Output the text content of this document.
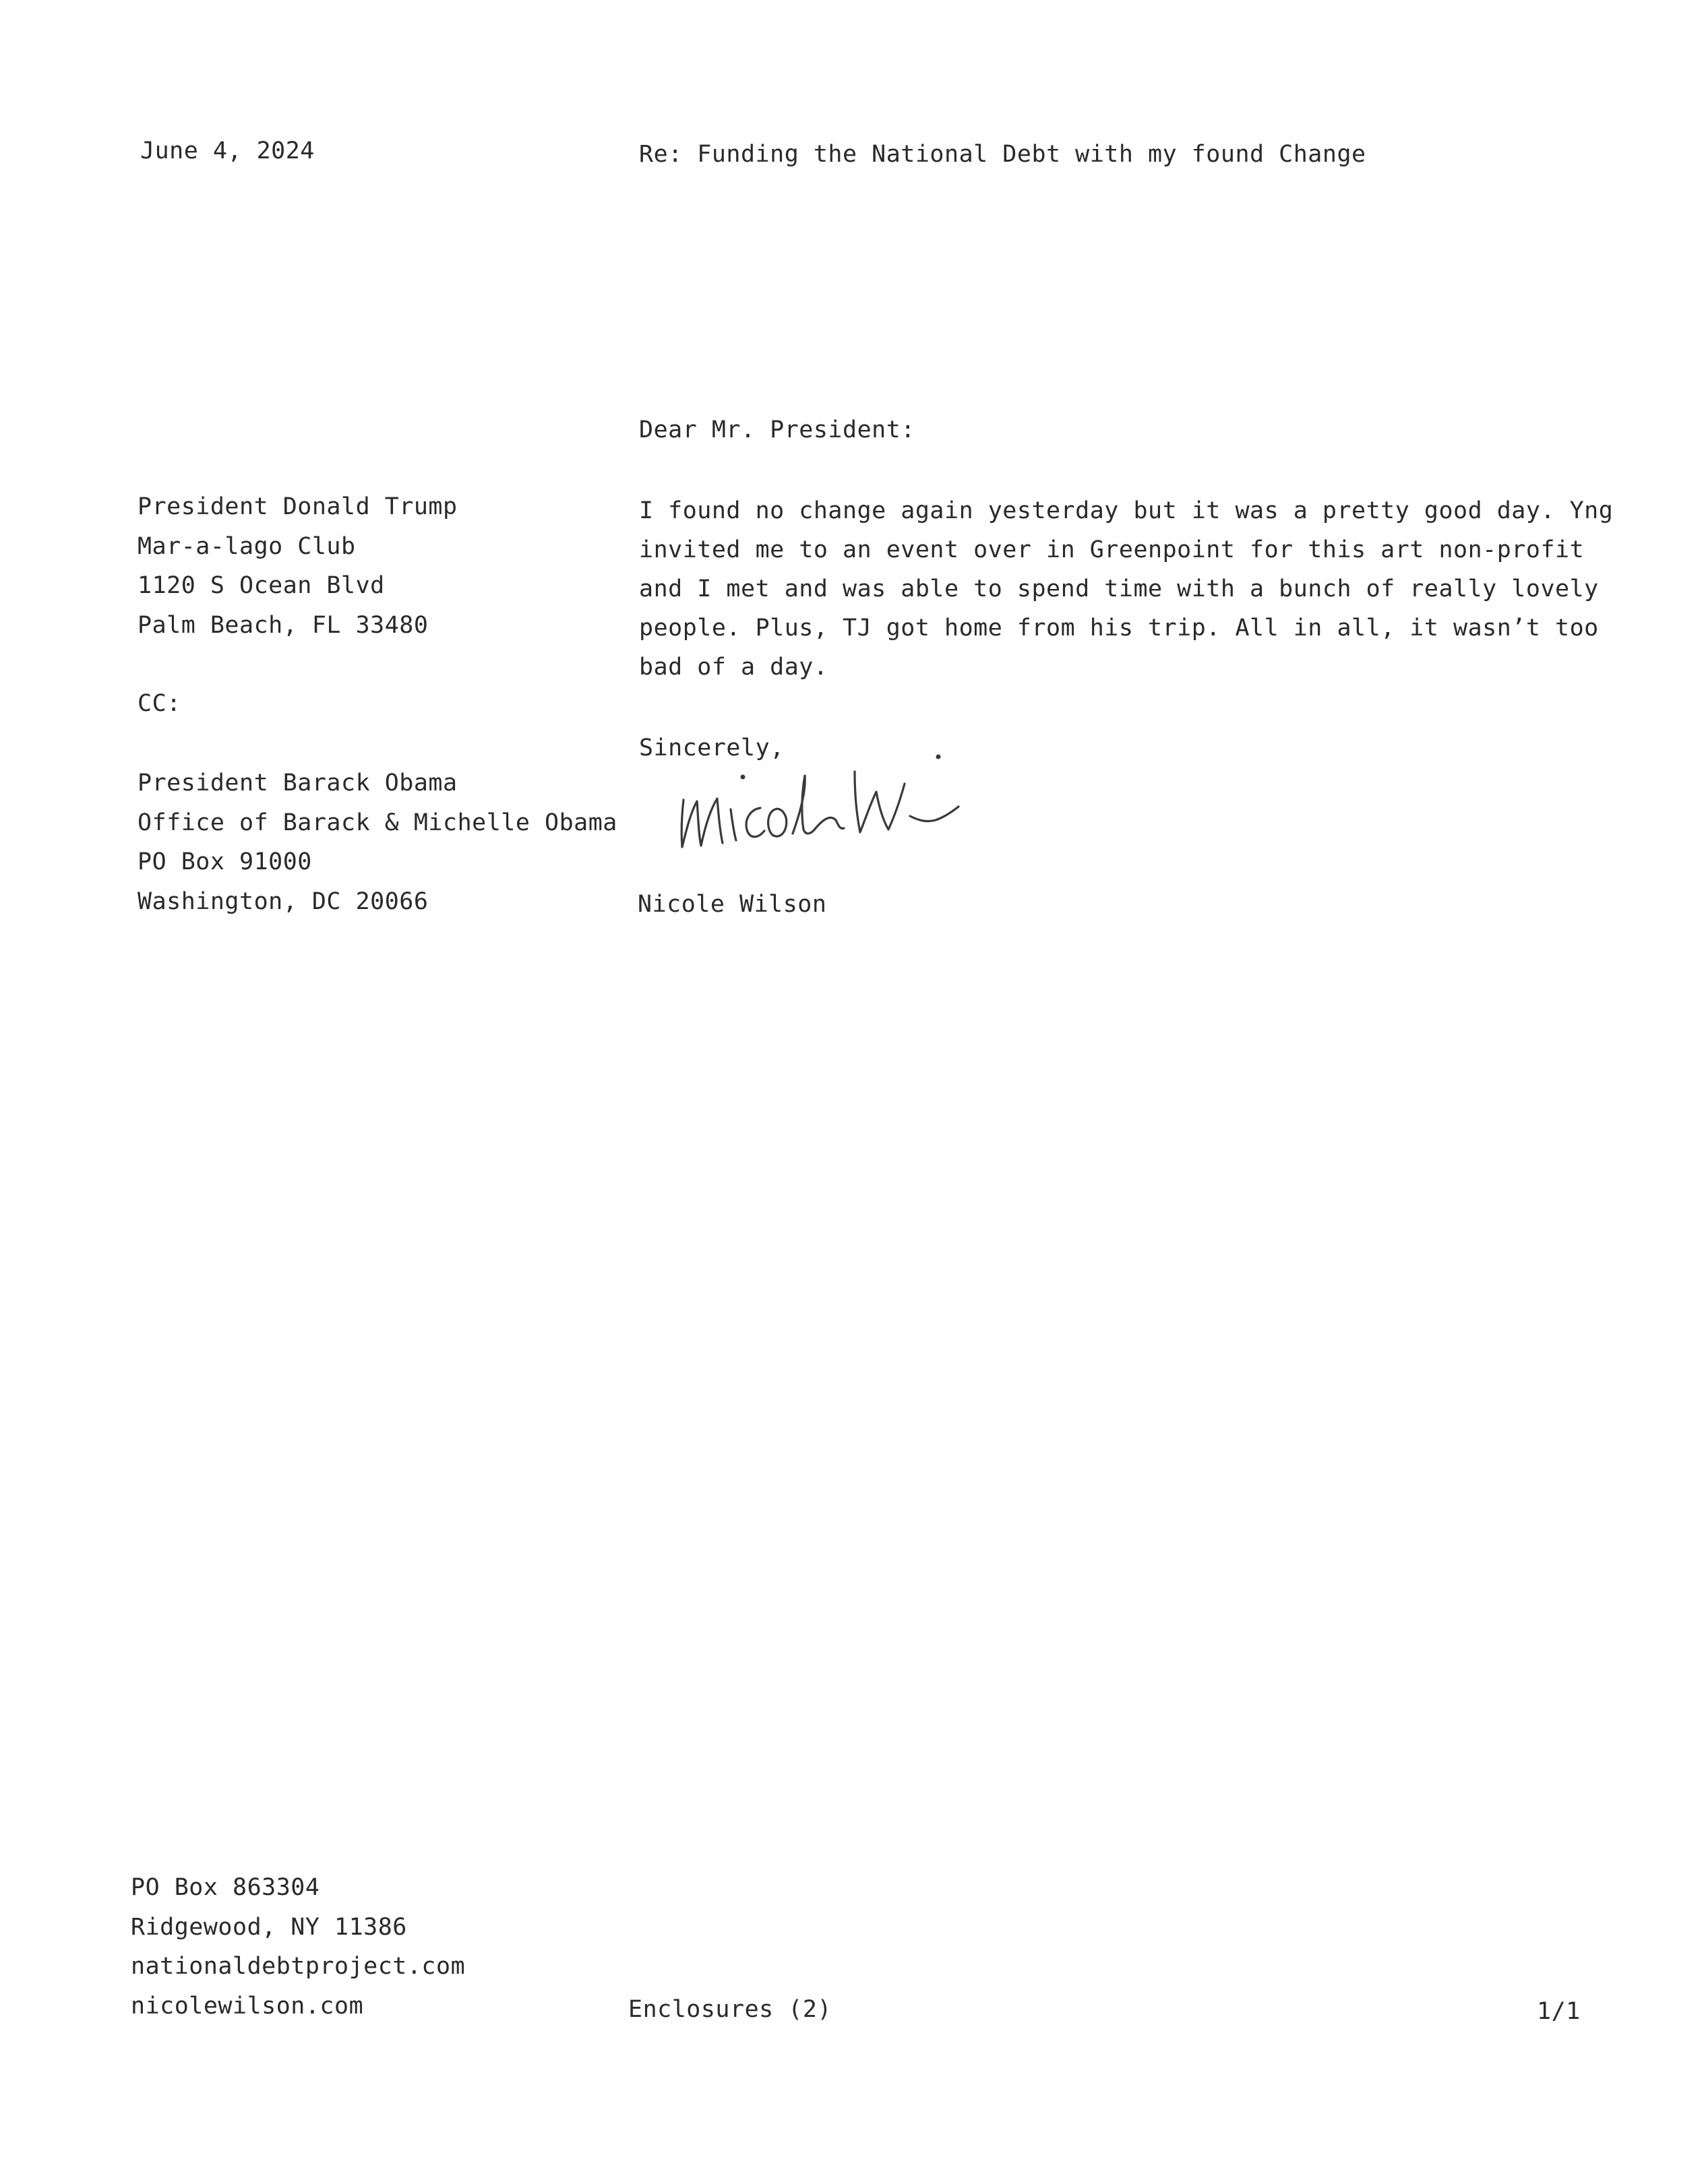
June 4, 2024	Re: Funding the National Debt with my found Change
Dear Mr. President:
President Donald Trump
Mar-a-lago Club
1120 S Ocean Blvd
Palm Beach, FL 33480
CC:
President Barack Obama
Office of Barack & Michelle Obama
PO Box 91000
Washington, DC 20066
I found no change again yesterday but it was a pretty good day. Yng
invited me to an event over in Greenpoint for this art non-profit
and I met and was able to spend time with a bunch of really lovely
people. Plus, TJ got home from his trip. All in all, it wasn’t too
bad of a day.
Sincerely,
Nicole Wilson
PO Box 863304
Ridgewood, NY 11386
nationaldebtproject.com
nicolewilson.com	Enclosures (2)	1/1
